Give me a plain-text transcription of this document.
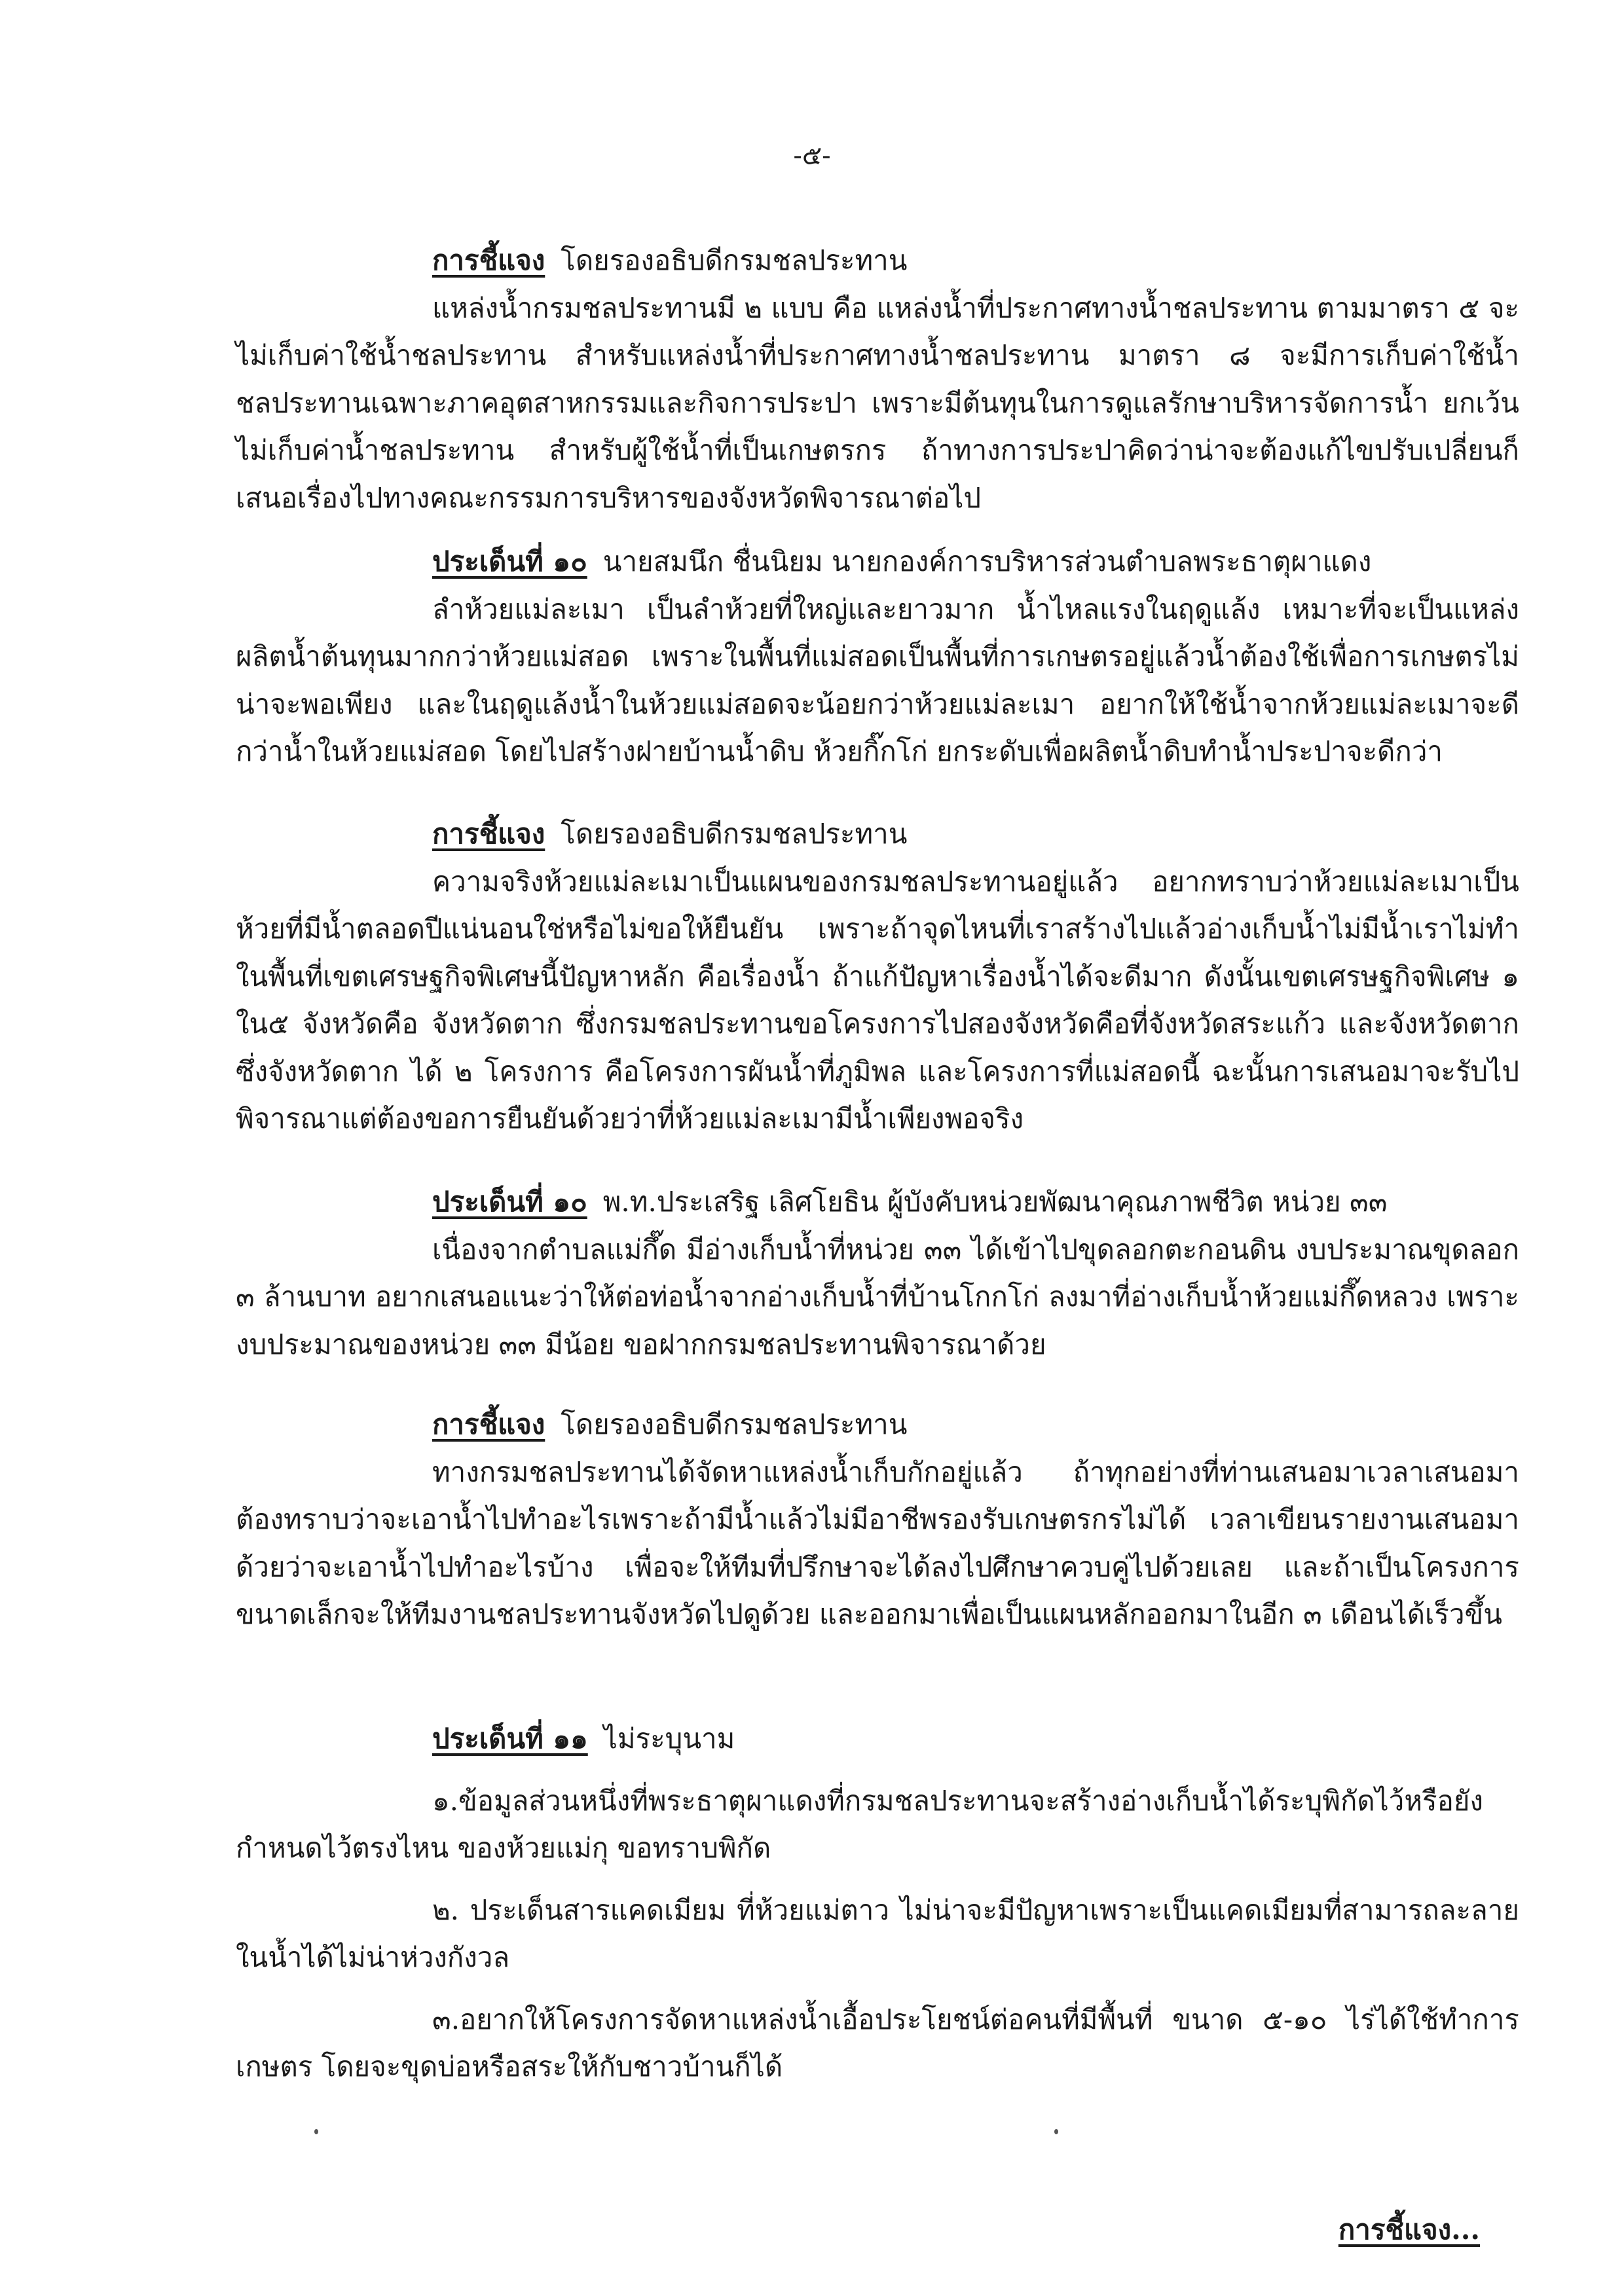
-๕-

การชี้แจง โดยรองอธิบดีกรมชลประทาน

แหล่งน้ำกรมชลประทานมี ๒ แบบ คือ แหล่งน้ำที่ประกาศทางน้ำชลประทาน ตามมาตรา ๕ จะไม่เก็บค่าใช้น้ำชลประทาน สำหรับแหล่งน้ำที่ประกาศทางน้ำชลประทาน มาตรา ๘ จะมีการเก็บค่าใช้น้ำชลประทานเฉพาะภาคอุตสาหกรรมและกิจการประปา เพราะมีต้นทุนในการดูแลรักษาบริหารจัดการน้ำ ยกเว้นไม่เก็บค่าน้ำชลประทาน สำหรับผู้ใช้น้ำที่เป็นเกษตรกร ถ้าทางการประปาคิดว่าน่าจะต้องแก้ไขปรับเปลี่ยนก็เสนอเรื่องไปทางคณะกรรมการบริหารของจังหวัดพิจารณาต่อไป

ประเด็นที่ ๑๐ นายสมนึก ชื่นนิยม นายกองค์การบริหารส่วนตำบลพระธาตุผาแดง

ลำห้วยแม่ละเมา เป็นลำห้วยที่ใหญ่และยาวมาก น้ำไหลแรงในฤดูแล้ง เหมาะที่จะเป็นแหล่งผลิตน้ำต้นทุนมากกว่าห้วยแม่สอด เพราะในพื้นที่แม่สอดเป็นพื้นที่การเกษตรอยู่แล้วน้ำต้องใช้เพื่อการเกษตรไม่น่าจะพอเพียง และในฤดูแล้งน้ำในห้วยแม่สอดจะน้อยกว่าห้วยแม่ละเมา อยากให้ใช้น้ำจากห้วยแม่ละเมาจะดีกว่าน้ำในห้วยแม่สอด โดยไปสร้างฝายบ้านน้ำดิบ ห้วยกิ๊กโก่ ยกระดับเพื่อผลิตน้ำดิบทำน้ำประปาจะดีกว่า

การชี้แจง โดยรองอธิบดีกรมชลประทาน

ความจริงห้วยแม่ละเมาเป็นแผนของกรมชลประทานอยู่แล้ว อยากทราบว่าห้วยแม่ละเมาเป็นห้วยที่มีน้ำตลอดปีแน่นอนใช่หรือไม่ขอให้ยืนยัน เพราะถ้าจุดไหนที่เราสร้างไปแล้วอ่างเก็บน้ำไม่มีน้ำเราไม่ทำ ในพื้นที่เขตเศรษฐกิจพิเศษนี้ปัญหาหลัก คือเรื่องน้ำ ถ้าแก้ปัญหาเรื่องน้ำได้จะดีมาก ดังนั้นเขตเศรษฐกิจพิเศษ ๑ ใน๕ จังหวัดคือ จังหวัดตาก ซึ่งกรมชลประทานขอโครงการไปสองจังหวัดคือที่จังหวัดสระแก้ว และจังหวัดตาก ซึ่งจังหวัดตาก ได้ ๒ โครงการ คือโครงการผันน้ำที่ภูมิพล และโครงการที่แม่สอดนี้ ฉะนั้นการเสนอมาจะรับไปพิจารณาแต่ต้องขอการยืนยันด้วยว่าที่ห้วยแม่ละเมามีน้ำเพียงพอจริง

ประเด็นที่ ๑๐ พ.ท.ประเสริฐ เลิศโยธิน ผู้บังคับหน่วยพัฒนาคุณภาพชีวิต หน่วย ๓๓

เนื่องจากตำบลแม่กึ๊ด มีอ่างเก็บน้ำที่หน่วย ๓๓ ได้เข้าไปขุดลอกตะกอนดิน งบประมาณขุดลอก ๓ ล้านบาท อยากเสนอแนะว่าให้ต่อท่อน้ำจากอ่างเก็บน้ำที่บ้านโกกโก่ ลงมาที่อ่างเก็บน้ำห้วยแม่กึ๊ดหลวง เพราะงบประมาณของหน่วย ๓๓ มีน้อย ขอฝากกรมชลประทานพิจารณาด้วย

การชี้แจง โดยรองอธิบดีกรมชลประทาน

ทางกรมชลประทานได้จัดหาแหล่งน้ำเก็บกักอยู่แล้ว ถ้าทุกอย่างที่ท่านเสนอมาเวลาเสนอมาต้องทราบว่าจะเอาน้ำไปทำอะไรเพราะถ้ามีน้ำแล้วไม่มีอาชีพรองรับเกษตรกรไม่ได้ เวลาเขียนรายงานเสนอมาด้วยว่าจะเอาน้ำไปทำอะไรบ้าง เพื่อจะให้ทีมที่ปรึกษาจะได้ลงไปศึกษาควบคู่ไปด้วยเลย และถ้าเป็นโครงการขนาดเล็กจะให้ทีมงานชลประทานจังหวัดไปดูด้วย และออกมาเพื่อเป็นแผนหลักออกมาในอีก ๓ เดือนได้เร็วขึ้น

ประเด็นที่ ๑๑ ไม่ระบุนาม

๑.ข้อมูลส่วนหนึ่งที่พระธาตุผาแดงที่กรมชลประทานจะสร้างอ่างเก็บน้ำได้ระบุพิกัดไว้หรือยังกำหนดไว้ตรงไหน ของห้วยแม่กุ ขอทราบพิกัด

๒. ประเด็นสารแคดเมียม ที่ห้วยแม่ตาว ไม่น่าจะมีปัญหาเพราะเป็นแคดเมียมที่สามารถละลายในน้ำได้ไม่น่าห่วงกังวล

๓.อยากให้โครงการจัดหาแหล่งน้ำเอื้อประโยชน์ต่อคนที่มีพื้นที่ ขนาด ๕-๑๐ ไร่ได้ใช้ทำการเกษตร โดยจะขุดบ่อหรือสระให้กับชาวบ้านก็ได้

การชี้แจง...
